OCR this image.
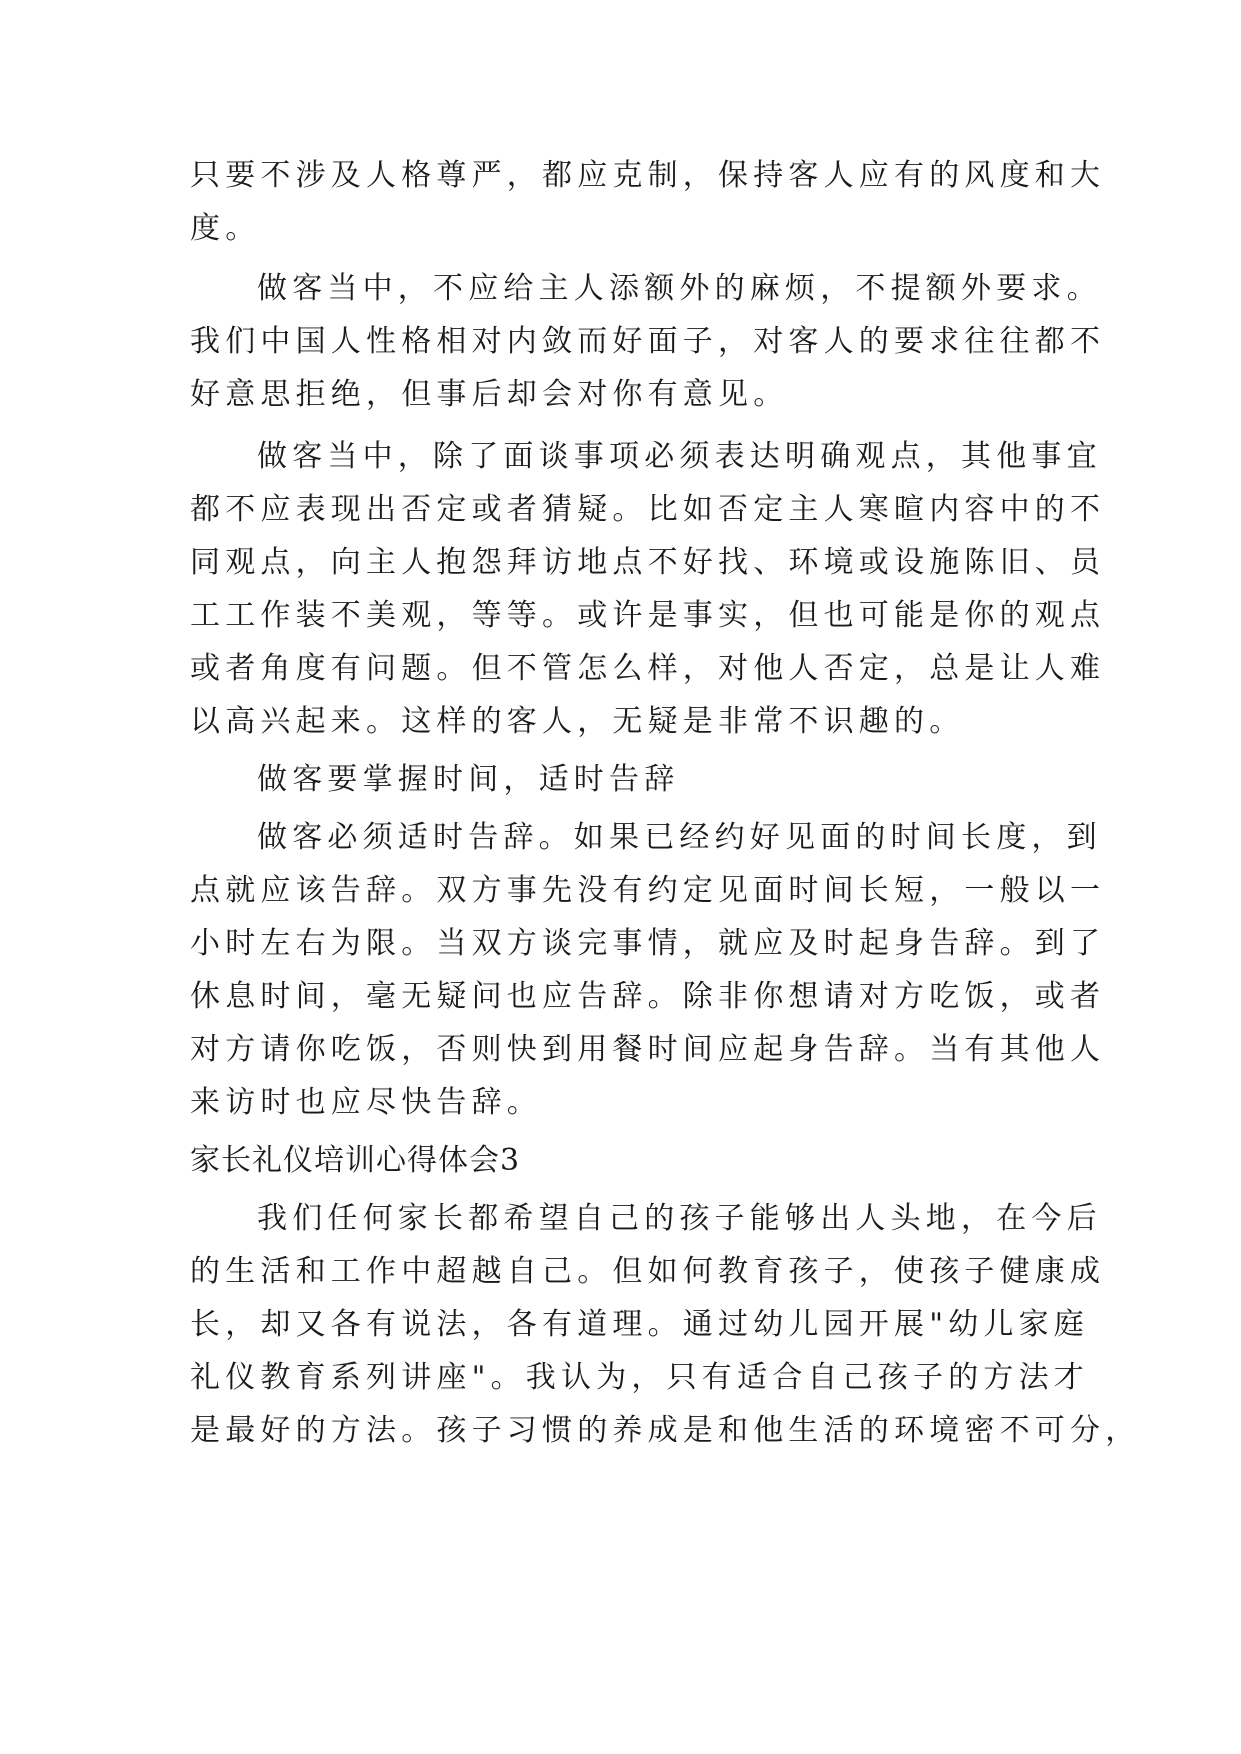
只要不涉及人格尊严，都应克制，保持客人应有的风度和大
度。
做客当中，不应给主人添额外的麻烦，不提额外要求。
我们中国人性格相对内敛而好面子，对客人的要求往往都不
好意思拒绝，但事后却会对你有意见。
做客当中，除了面谈事项必须表达明确观点，其他事宜
都不应表现出否定或者猜疑。比如否定主人寒暄内容中的不
同观点，向主人抱怨拜访地点不好找、环境或设施陈旧、员
工工作装不美观，等等。或许是事实，但也可能是你的观点
或者角度有问题。但不管怎么样，对他人否定，总是让人难
以高兴起来。这样的客人，无疑是非常不识趣的。
做客要掌握时间，适时告辞
做客必须适时告辞。如果已经约好见面的时间长度，到
点就应该告辞。双方事先没有约定见面时间长短，一般以一
小时左右为限。当双方谈完事情，就应及时起身告辞。到了
休息时间，毫无疑问也应告辞。除非你想请对方吃饭，或者
对方请你吃饭，否则快到用餐时间应起身告辞。当有其他人
来访时也应尽快告辞。
家长礼仪培训心得体会3
我们任何家长都希望自己的孩子能够出人头地，在今后
的生活和工作中超越自己。但如何教育孩子，使孩子健康成
长，却又各有说法，各有道理。通过幼儿园开展"幼儿家庭
礼仪教育系列讲座"。我认为，只有适合自己孩子的方法才
是最好的方法。孩子习惯的养成是和他生活的环境密不可分，
